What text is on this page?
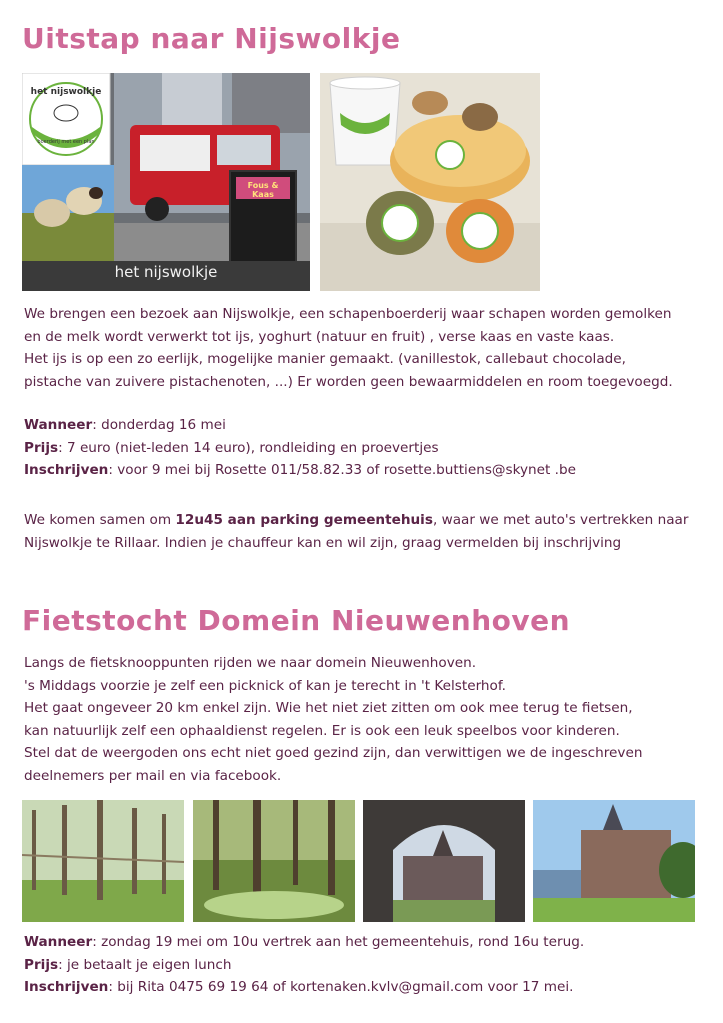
Uitstap naar Nijswolkje
het nijswolkje
boerderij met een plan
Fous & Kaas
het nijswolkje

We brengen een bezoek aan Nijswolkje, een schapenboerderij waar schapen worden gemolken

en de melk wordt verwerkt tot ijs, yoghurt (natuur en fruit) , verse kaas en vaste kaas.

Het ijs is op een zo eerlijk, mogelijke manier gemaakt. (vanillestok, callebaut chocolade,

pistache van zuivere pistachenoten, ...) Er worden geen bewaarmiddelen en room toegevoegd.

Wanneer: donderdag 16 mei

Prijs: 7 euro (niet-leden 14 euro), rondleiding en proevertjes

Inschrijven: voor 9 mei bij Rosette 011/58.82.33 of rosette.buttiens@skynet .be

We komen samen om 12u45 aan parking gemeentehuis, waar we met auto's vertrekken naar

Nijswolkje te Rillaar. Indien je chauffeur kan en wil zijn, graag vermelden bij inschrijving

Fietstocht Domein Nieuwenhoven

Langs de fietsknooppunten rijden we naar domein Nieuwenhoven.

's Middags voorzie je zelf een picknick of kan je terecht in 't Kelsterhof.

Het gaat ongeveer 20 km enkel zijn. Wie het niet ziet zitten om ook mee terug te fietsen,

kan natuurlijk zelf een ophaaldienst regelen. Er is ook een leuk speelbos voor kinderen.

Stel dat de weergoden ons echt niet goed gezind zijn, dan verwittigen we de ingeschreven

deelnemers per mail en via facebook.

Wanneer: zondag 19 mei om 10u vertrek aan het gemeentehuis, rond 16u terug.

Prijs: je betaalt je eigen lunch

Inschrijven: bij Rita 0475 69 19 64 of kortenaken.kvlv@gmail.com voor 17 mei.
